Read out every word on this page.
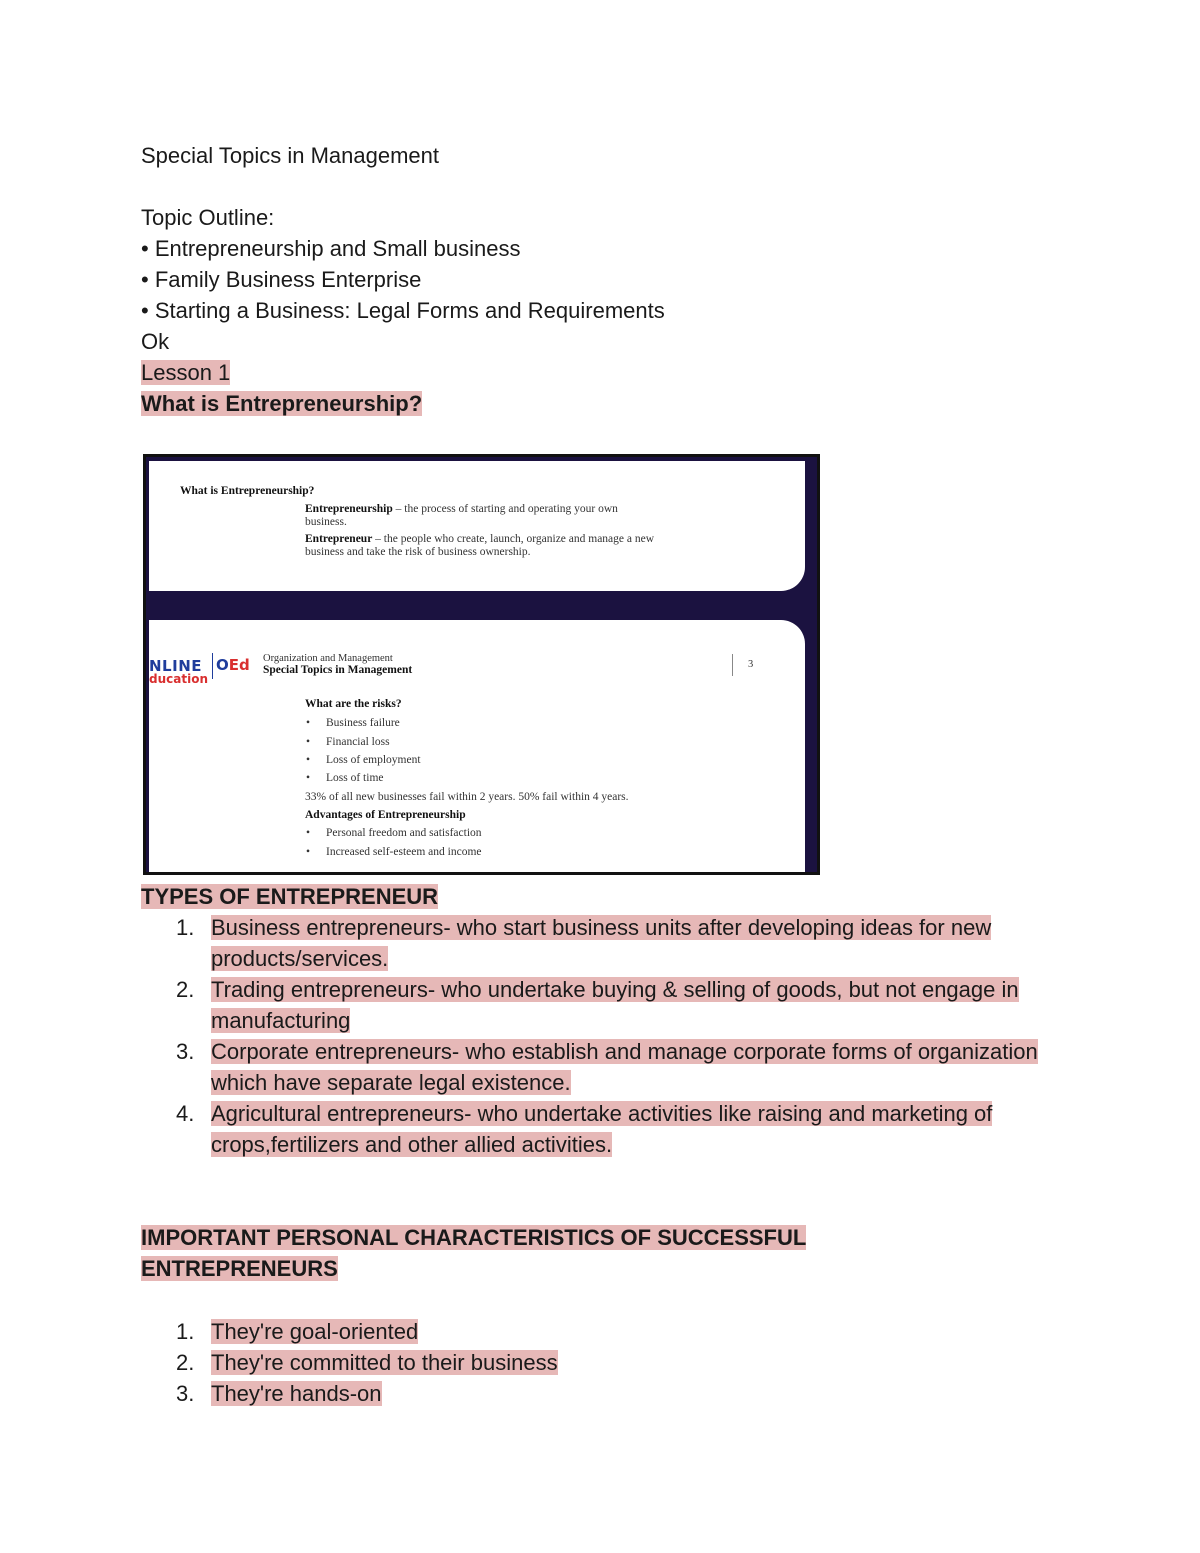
Special Topics in Management
Topic Outline:
• Entrepreneurship and Small business
• Family Business Enterprise
• Starting a Business: Legal Forms and Requirements
Ok
Lesson 1
What is Entrepreneurship?
What is Entrepreneurship?
Entrepreneurship – the process of starting and operating your own
business.
Entrepreneur – the people who create, launch, organize and manage a new
business and take the risk of business ownership.
NLINE
ducation
OEd Organization and Management
Special Topics in Management	3
What are the risks?
• Business failure
• Financial loss
• Loss of employment
• Loss of time
33% of all new businesses fail within 2 years. 50% fail within 4 years.
Advantages of Entrepreneurship
• Personal freedom and satisfaction
• Increased self-esteem and income
TYPES OF ENTREPRENEUR
1. Business entrepreneurs- who start business units after developing ideas for new products/services.
2. Trading entrepreneurs- who undertake buying & selling of goods, but not engage in manufacturing
3. Corporate entrepreneurs- who establish and manage corporate forms of organization which have separate legal existence.
4. Agricultural entrepreneurs- who undertake activities like raising and marketing of crops,fertilizers and other allied activities.
IMPORTANT PERSONAL CHARACTERISTICS OF SUCCESSFUL ENTREPRENEURS
1. They're goal-oriented
2. They're committed to their business
3. They're hands-on
